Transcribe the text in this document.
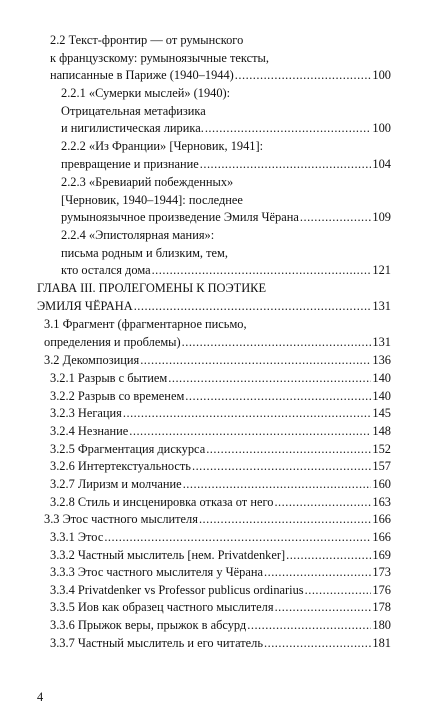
2.2 Текст-фронтир — от румынского
к французскому: румыноязычные тексты,
написанные в Париже (1940–1944) .....	100
2.2.1 «Сумерки мыслей» (1940):
Отрицательная метафизика
и нигилистическая лирика. .....	100
2.2.2 «Из Франции» [Черновик, 1941]:
превращение и признание .....	104
2.2.3 «Бревиарий побежденных»
[Черновик, 1940–1944]: последнее
румыноязычное произведение Эмиля Чёрана .....	109
2.2.4 «Эпистолярная мания»:
письма родным и близким, тем,
кто остался дома .....	121
ГЛАВА III. ПРОЛЕГОМЕНЫ К ПОЭТИКЕ
ЭМИЛЯ ЧЁРАНА .....	131
3.1 Фрагмент (фрагментарное письмо,
определения и проблемы) .....	131
3.2 Декомпозиция .....	136
3.2.1 Разрыв с бытием .....	140
3.2.2 Разрыв со временем .....	140
3.2.3 Негация .....	145
3.2.4 Незнание .....	148
3.2.5 Фрагментация дискурса .....	152
3.2.6 Интертекстуальность .....	157
3.2.7 Лиризм и молчание .....	160
3.2.8 Стиль и инсценировка отказа от него .....	163
3.3 Этос частного мыслителя .....	166
3.3.1 Этос .....	166
3.3.2 Частный мыслитель [нем. Privatdenker] .....	169
3.3.3 Этос частного мыслителя у Чёрана .....	173
3.3.4 Privatdenker vs Professor publicus ordinarius .....	176
3.3.5 Иов как образец частного мыслителя .....	178
3.3.6 Прыжок веры, прыжок в абсурд .....	180
3.3.7 Частный мыслитель и его читатель .....	181
4
